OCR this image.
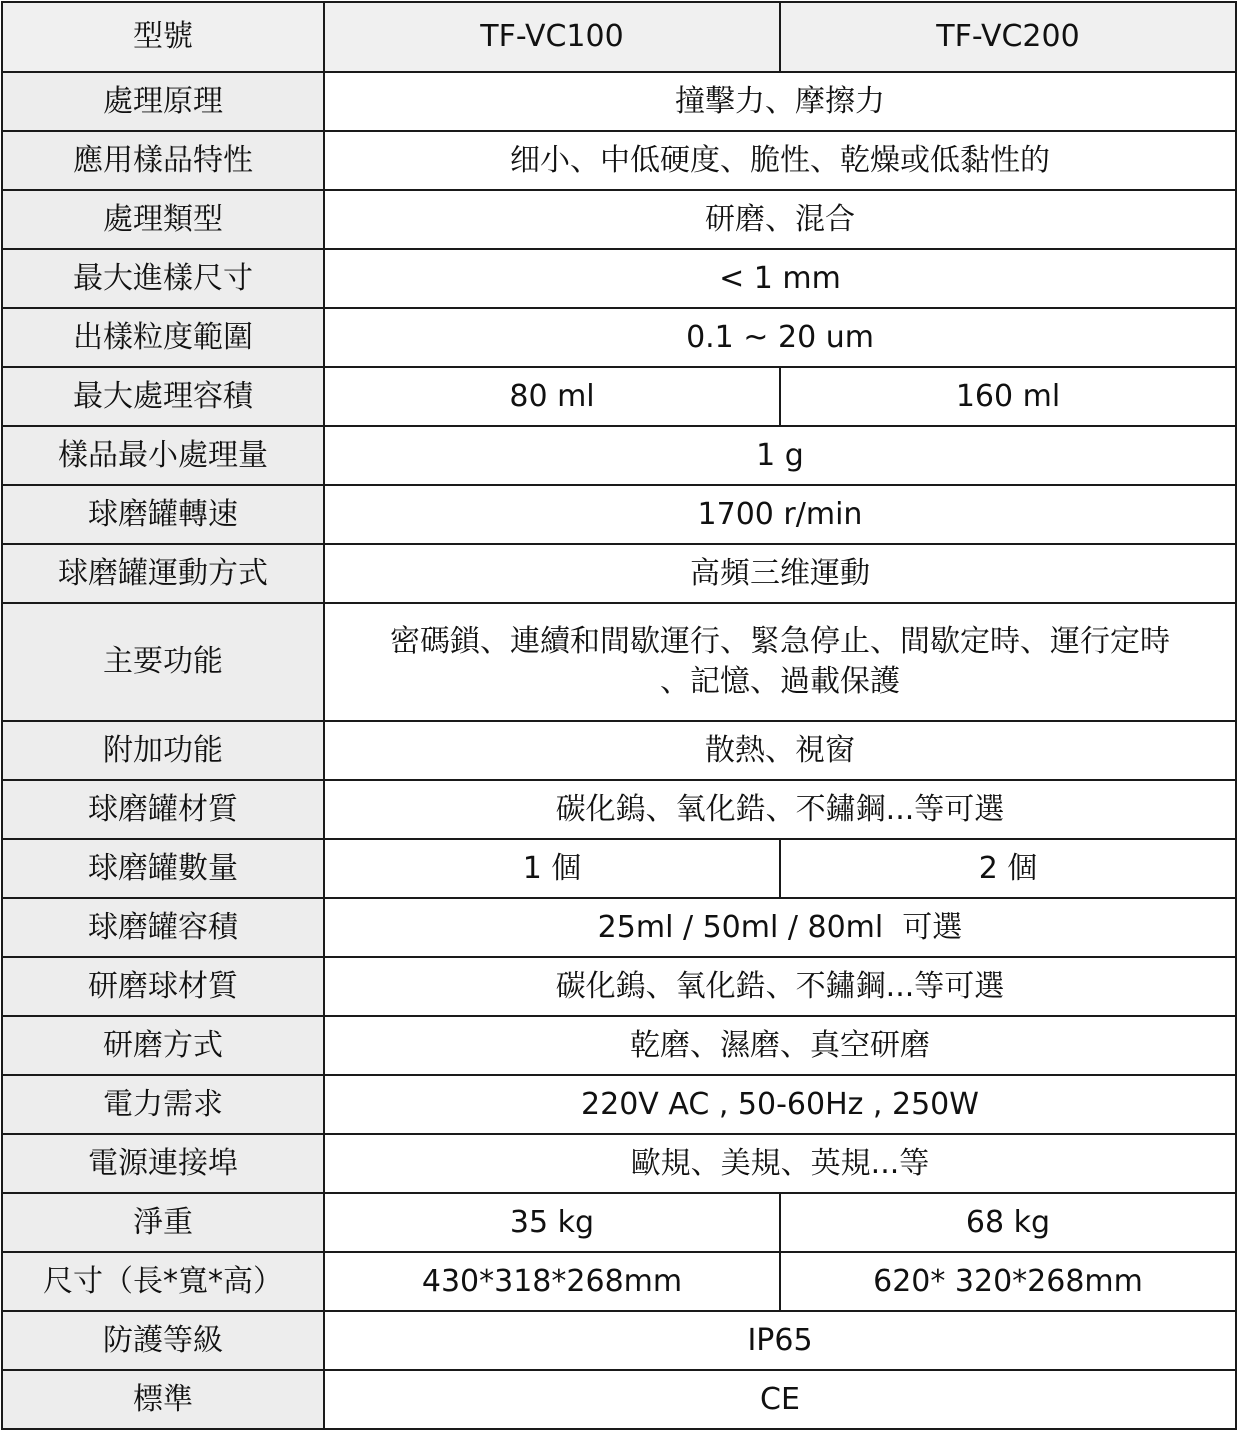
型號	TF-VC100	TF-VC200
處理原理	撞擊力、摩擦力	
應用樣品特性	细小、中低硬度、脆性、乾燥或低黏性的	
處理類型	研磨、混合	
最大進樣尺寸	< 1 mm	
出樣粒度範圍	0.1 ~ 20 um	
最大處理容積	80 ml	160 ml
樣品最小處理量	1 g	
球磨罐轉速	1700 r/min	
球磨罐運動方式	高頻三维運動	
主要功能	密碼鎖、連續和間歇運行、緊急停止、間歇定時、運行定時
、記憶、過載保護	

附加功能	散熱、視窗	
球磨罐材質	碳化鎢、氧化鋯、不鏽鋼...等可選	
球磨罐數量	1 個	2 個
球磨罐容積	25ml / 50ml / 80ml  可選	
研磨球材質	碳化鎢、氧化鋯、不鏽鋼...等可選	
研磨方式	乾磨、濕磨、真空研磨	
電力需求	220V AC , 50-60Hz , 250W	
電源連接埠	歐規、美規、英規...等	
淨重	35 kg	68 kg
尺寸（長*寬*高）	430*318*268mm	620* 320*268mm
防護等級	IP65	
標準	CE	
